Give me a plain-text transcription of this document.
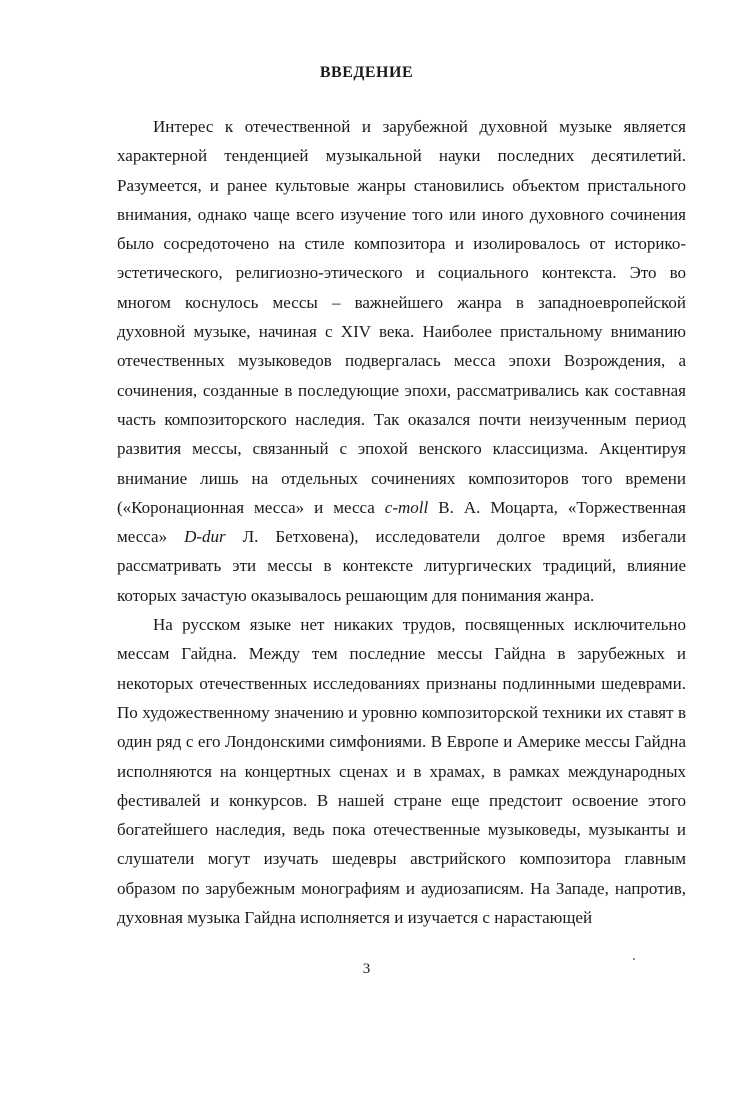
ВВЕДЕНИЕ

Интерес к отечественной и зарубежной духовной музыке является характерной тенденцией музыкальной науки последних десятилетий. Разумеется, и ранее культовые жанры становились объектом пристального внимания, однако чаще всего изучение того или иного духовного сочинения было сосредоточено на стиле композитора и изолировалось от историко-эстетического, религиозно-этического и социального контекста. Это во многом коснулось мессы – важнейшего жанра в западноевропейской духовной музыке, начиная с XIV века. Наиболее пристальному вниманию отечественных музыковедов подвергалась месса эпохи Возрождения, а сочинения, созданные в последующие эпохи, рассматривались как составная часть композиторского наследия. Так оказался почти неизученным период развития мессы, связанный с эпохой венского классицизма. Акцентируя внимание лишь на отдельных сочинениях композиторов того времени («Коронационная месса» и месса c-moll В. А. Моцарта, «Торжественная месса» D-dur Л. Бетховена), исследователи долгое время избегали рассматривать эти мессы в контексте литургических традиций, влияние которых зачастую оказывалось решающим для понимания жанра.

На русском языке нет никаких трудов, посвященных исключительно мессам Гайдна. Между тем последние мессы Гайдна в зарубежных и некоторых отечественных исследованиях признаны подлинными шедеврами. По художественному значению и уровню композиторской техники их ставят в один ряд с его Лондонскими симфониями. В Европе и Америке мессы Гайдна исполняются на концертных сценах и в храмах, в рамках международных фестивалей и конкурсов. В нашей стране еще предстоит освоение этого богатейшего наследия, ведь пока отечественные музыковеды, музыканты и слушатели могут изучать шедевры австрийского композитора главным образом по зарубежным монографиям и аудиозаписям. На Западе, напротив, духовная музыка Гайдна исполняется и изучается с нарастающей

3
